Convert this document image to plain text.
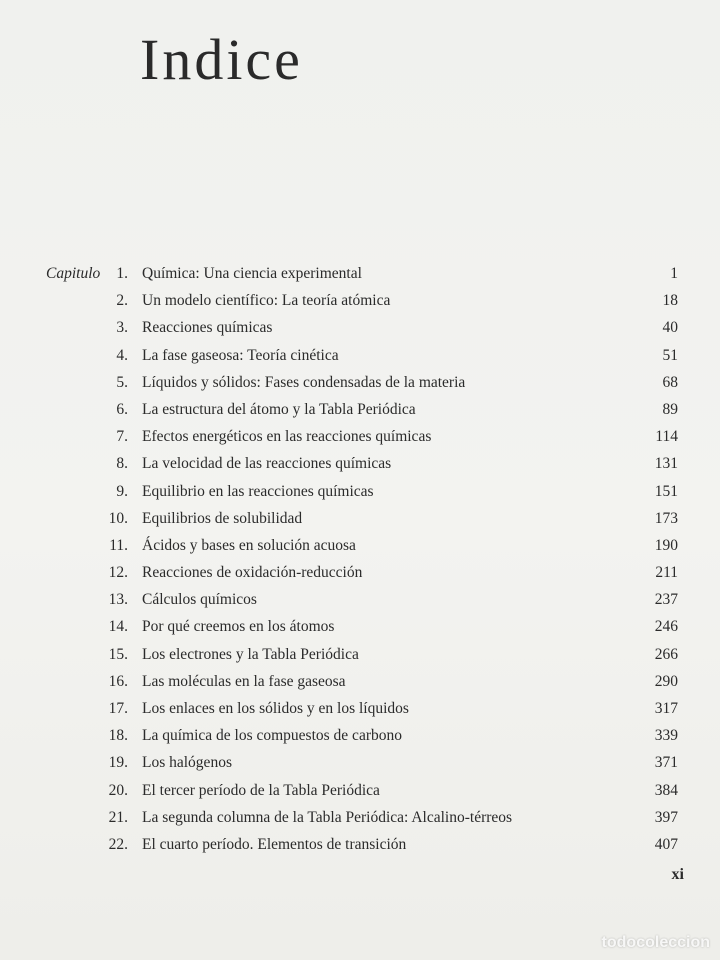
Indice
Capitulo	1. Química: Una ciencia experimental	1
2. Un modelo científico: La teoría atómica	18
3. Reacciones químicas	40
4. La fase gaseosa: Teoría cinética	51
5. Líquidos y sólidos: Fases condensadas de la materia	68
6. La estructura del átomo y la Tabla Periódica	89
7. Efectos energéticos en las reacciones químicas	114
8. La velocidad de las reacciones químicas	131
9. Equilibrio en las reacciones químicas	151
10. Equilibrios de solubilidad	173
11. Ácidos y bases en solución acuosa	190
12. Reacciones de oxidación-reducción	211
13. Cálculos químicos	237
14. Por qué creemos en los átomos	246
15. Los electrones y la Tabla Periódica	266
16. Las moléculas en la fase gaseosa	290
17. Los enlaces en los sólidos y en los líquidos	317
18. La química de los compuestos de carbono	339
19. Los halógenos	371
20. El tercer período de la Tabla Periódica	384
21. La segunda columna de la Tabla Periódica: Alcalino-térreos	397
22. El cuarto período. Elementos de transición	407
xi
todocoleccion
